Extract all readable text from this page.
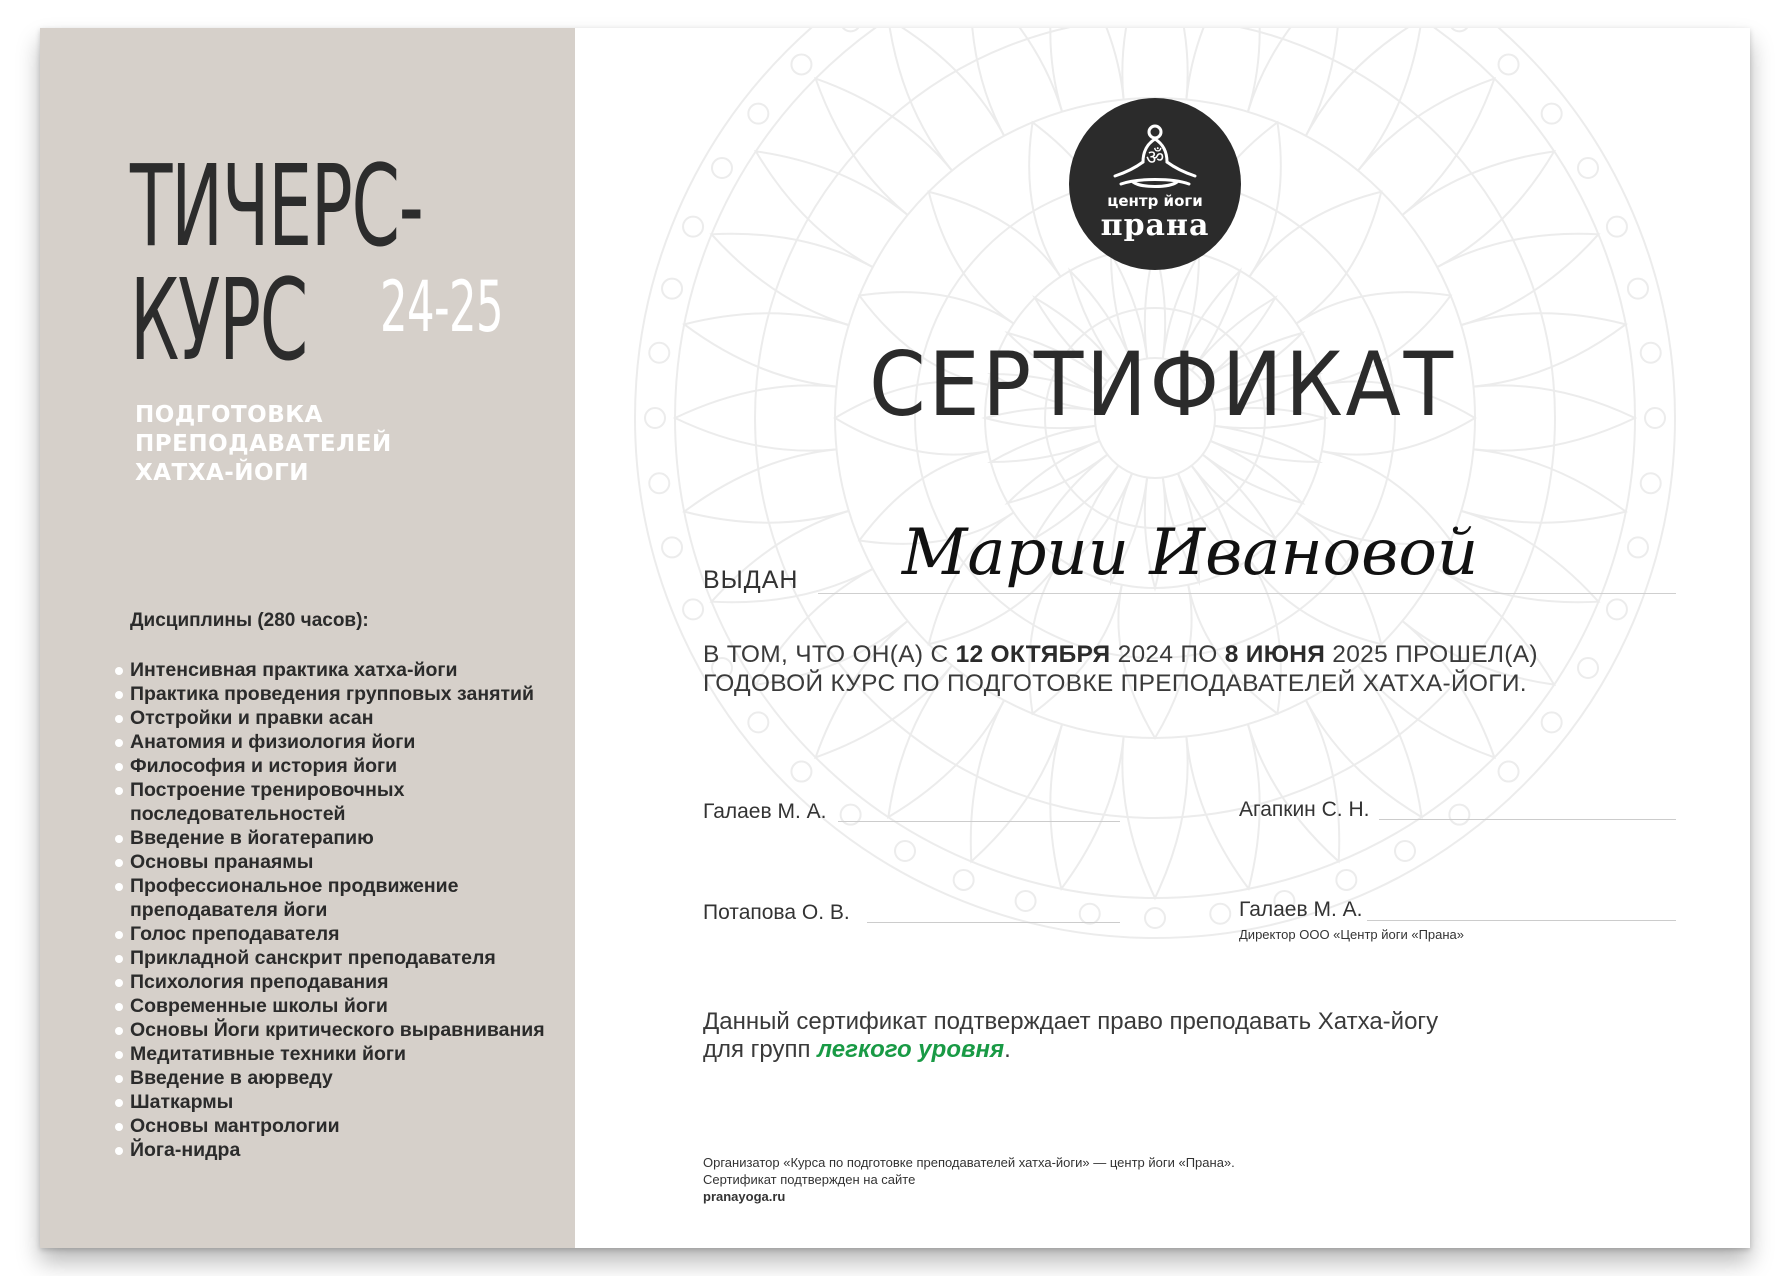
ТИЧЕРС-
КУРС	24-25
ПОДГОТОВКА
ПРЕПОДАВАТЕЛЕЙ
ХАТХА-ЙОГИ
Дисциплины (280 часов):
Интенсивная практика хатха-йоги
Практика проведения групповых занятий
Отстройки и правки асан
Анатомия и физиология йоги
Философия и история йоги
Построение тренировочных последовательностей
Введение в йогатерапию
Основы пранаямы
Профессиональное продвижение преподавателя йоги
Голос преподавателя
Прикладной санскрит преподавателя
Психология преподавания
Современные школы йоги
Основы Йоги критического выравнивания
Медитативные техники йоги
Введение в аюрведу
Шаткармы
Основы мантрологии
Йога-нидра
ॐ
центр йоги
прана
СЕРТИФИКАТ
ВЫДАН	Марии Ивановой
В ТОМ, ЧТО ОН(А) С 12 ОКТЯБРЯ 2024 ПО 8 ИЮНЯ 2025 ПРОШЕЛ(А)
ГОДОВОЙ КУРС ПО ПОДГОТОВКЕ ПРЕПОДАВАТЕЛЕЙ ХАТХА-ЙОГИ.
Галаев М. А.	Агапкин С. Н.
Потапова О. В.	Галаев М. А.
Директор ООО «Центр йоги «Прана»
Данный сертификат подтверждает право преподавать Хатха-йогу
для групп легкого уровня.
Организатор «Курса по подготовке преподавателей хатха-йоги» — центр йоги «Прана».
Сертификат подтвержден на сайте
pranayoga.ru
